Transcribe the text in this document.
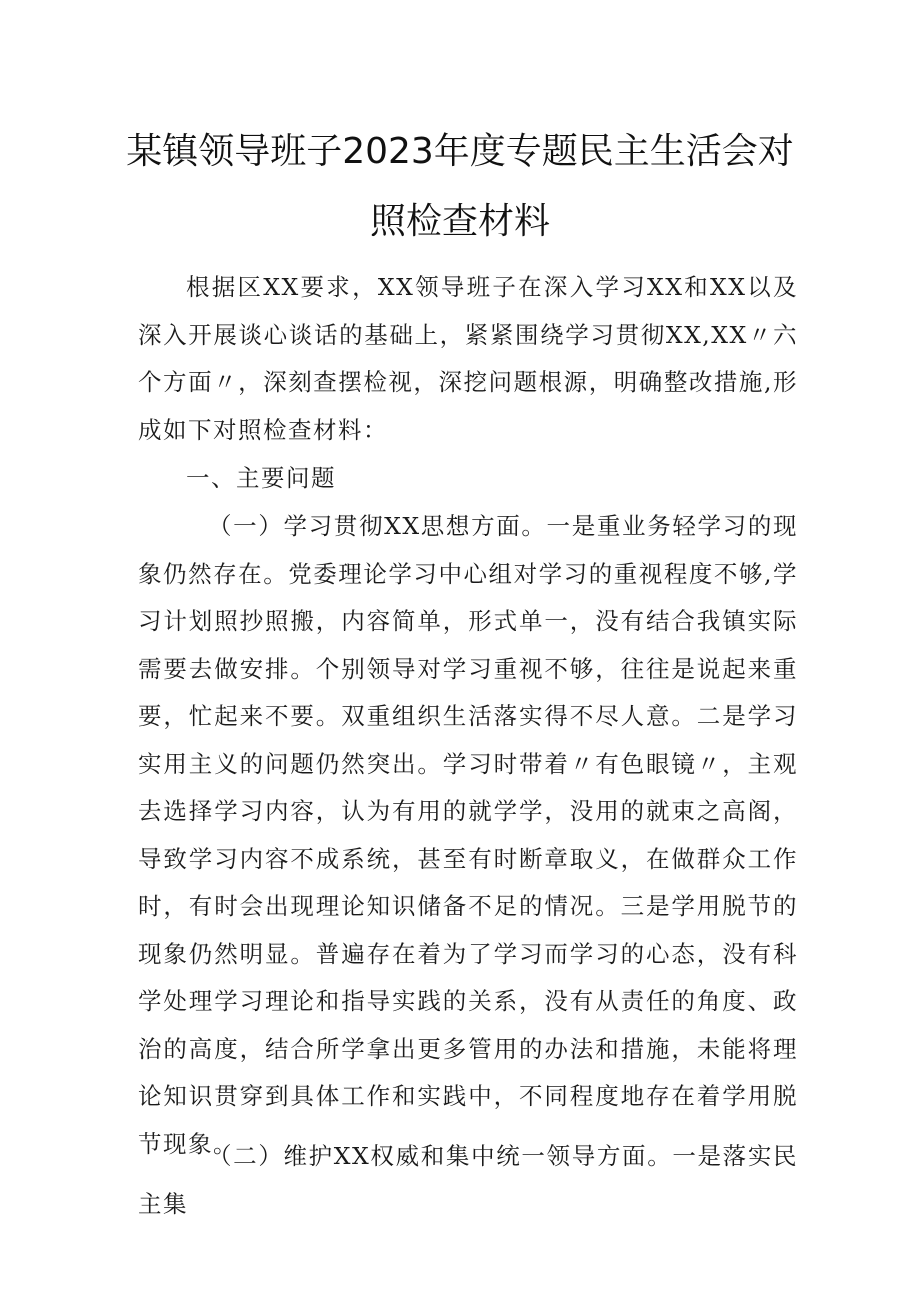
某镇领导班子2023年度专题民主生活会对
照检查材料
根据区XX要求，XX领导班子在深入学习XX和XX以及深入开展谈心谈话的基础上，紧紧围绕学习贯彻XX,XX〃六个方面〃，深刻查摆检视，深挖问题根源，明确整改措施,形成如下对照检查材料：
一、主要问题
（一）学习贯彻XX思想方面。一是重业务轻学习的现象仍然存在。党委理论学习中心组对学习的重视程度不够,学习计划照抄照搬，内容简单，形式单一，没有结合我镇实际需要去做安排。个别领导对学习重视不够，往往是说起来重要，忙起来不要。双重组织生活落实得不尽人意。二是学习实用主义的问题仍然突出。学习时带着〃有色眼镜〃，主观去选择学习内容，认为有用的就学学，没用的就束之高阁，导致学习内容不成系统，甚至有时断章取义，在做群众工作时，有时会出现理论知识储备不足的情况。三是学用脱节的现象仍然明显。普遍存在着为了学习而学习的心态，没有科学处理学习理论和指导实践的关系，没有从责任的角度、政治的高度，结合所学拿出更多管用的办法和措施，未能将理论知识贯穿到具体工作和实践中，不同程度地存在着学用脱节现象。
（二）维护XX权威和集中统一领导方面。一是落实民主集
